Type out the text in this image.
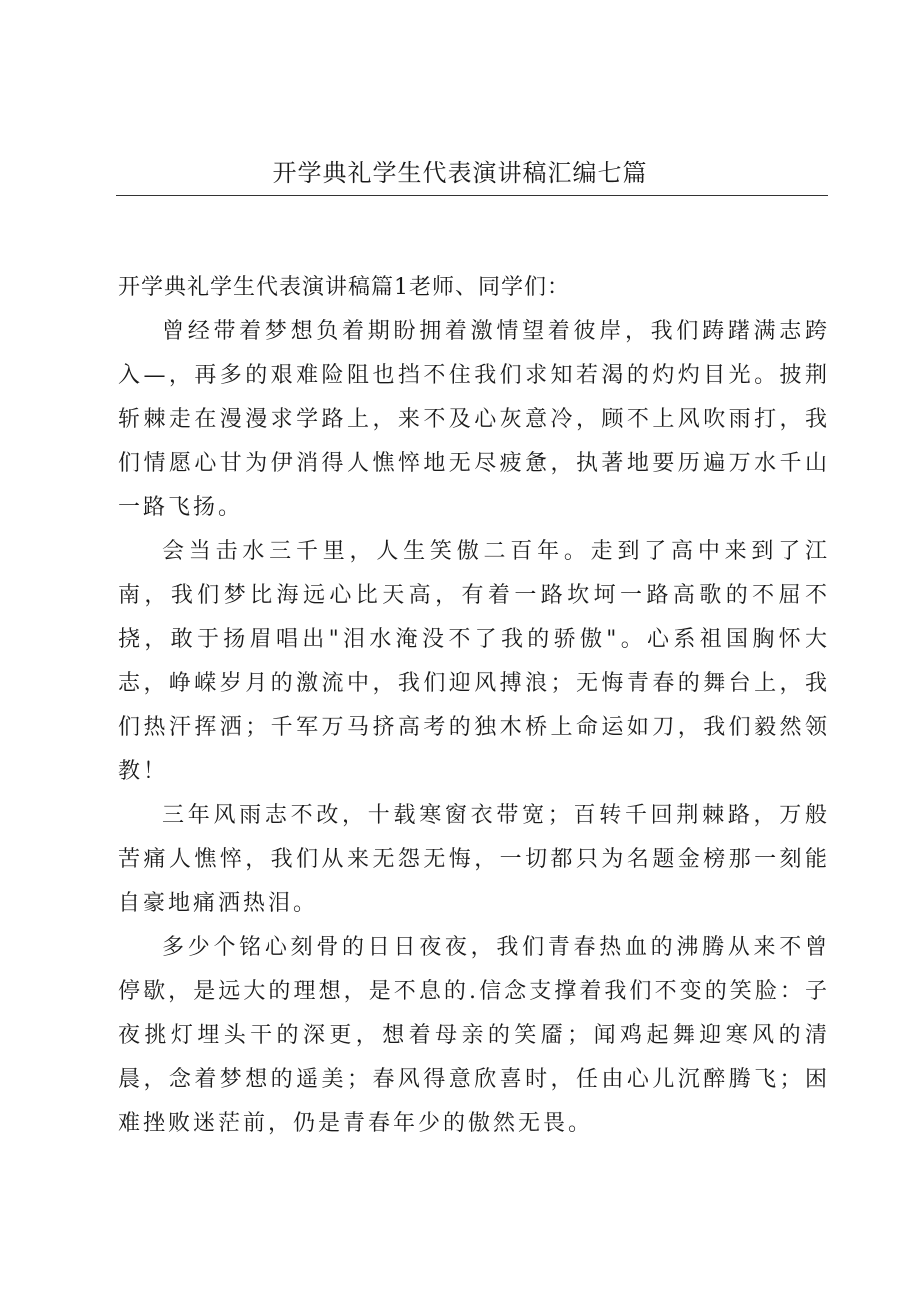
开学典礼学生代表演讲稿汇编七篇

开学典礼学生代表演讲稿篇1老师、同学们：

曾经带着梦想负着期盼拥着激情望着彼岸，我们踌躇满志跨入—，再多的艰难险阻也挡不住我们求知若渴的灼灼目光。披荆斩棘走在漫漫求学路上，来不及心灰意冷，顾不上风吹雨打，我们情愿心甘为伊消得人憔悴地无尽疲惫，执著地要历遍万水千山一路飞扬。

会当击水三千里，人生笑傲二百年。走到了高中来到了江南，我们梦比海远心比天高，有着一路坎坷一路高歌的不屈不挠，敢于扬眉唱出"泪水淹没不了我的骄傲"。心系祖国胸怀大志，峥嵘岁月的激流中，我们迎风搏浪；无悔青春的舞台上，我们热汗挥洒；千军万马挤高考的独木桥上命运如刀，我们毅然领教！

三年风雨志不改，十载寒窗衣带宽；百转千回荆棘路，万般苦痛人憔悴，我们从来无怨无悔，一切都只为名题金榜那一刻能自豪地痛洒热泪。

多少个铭心刻骨的日日夜夜，我们青春热血的沸腾从来不曾停歇，是远大的理想，是不息的.信念支撑着我们不变的笑脸：子夜挑灯埋头干的深更，想着母亲的笑靥；闻鸡起舞迎寒风的清晨，念着梦想的遥美；春风得意欣喜时，任由心儿沉醉腾飞；困难挫败迷茫前，仍是青春年少的傲然无畏。
